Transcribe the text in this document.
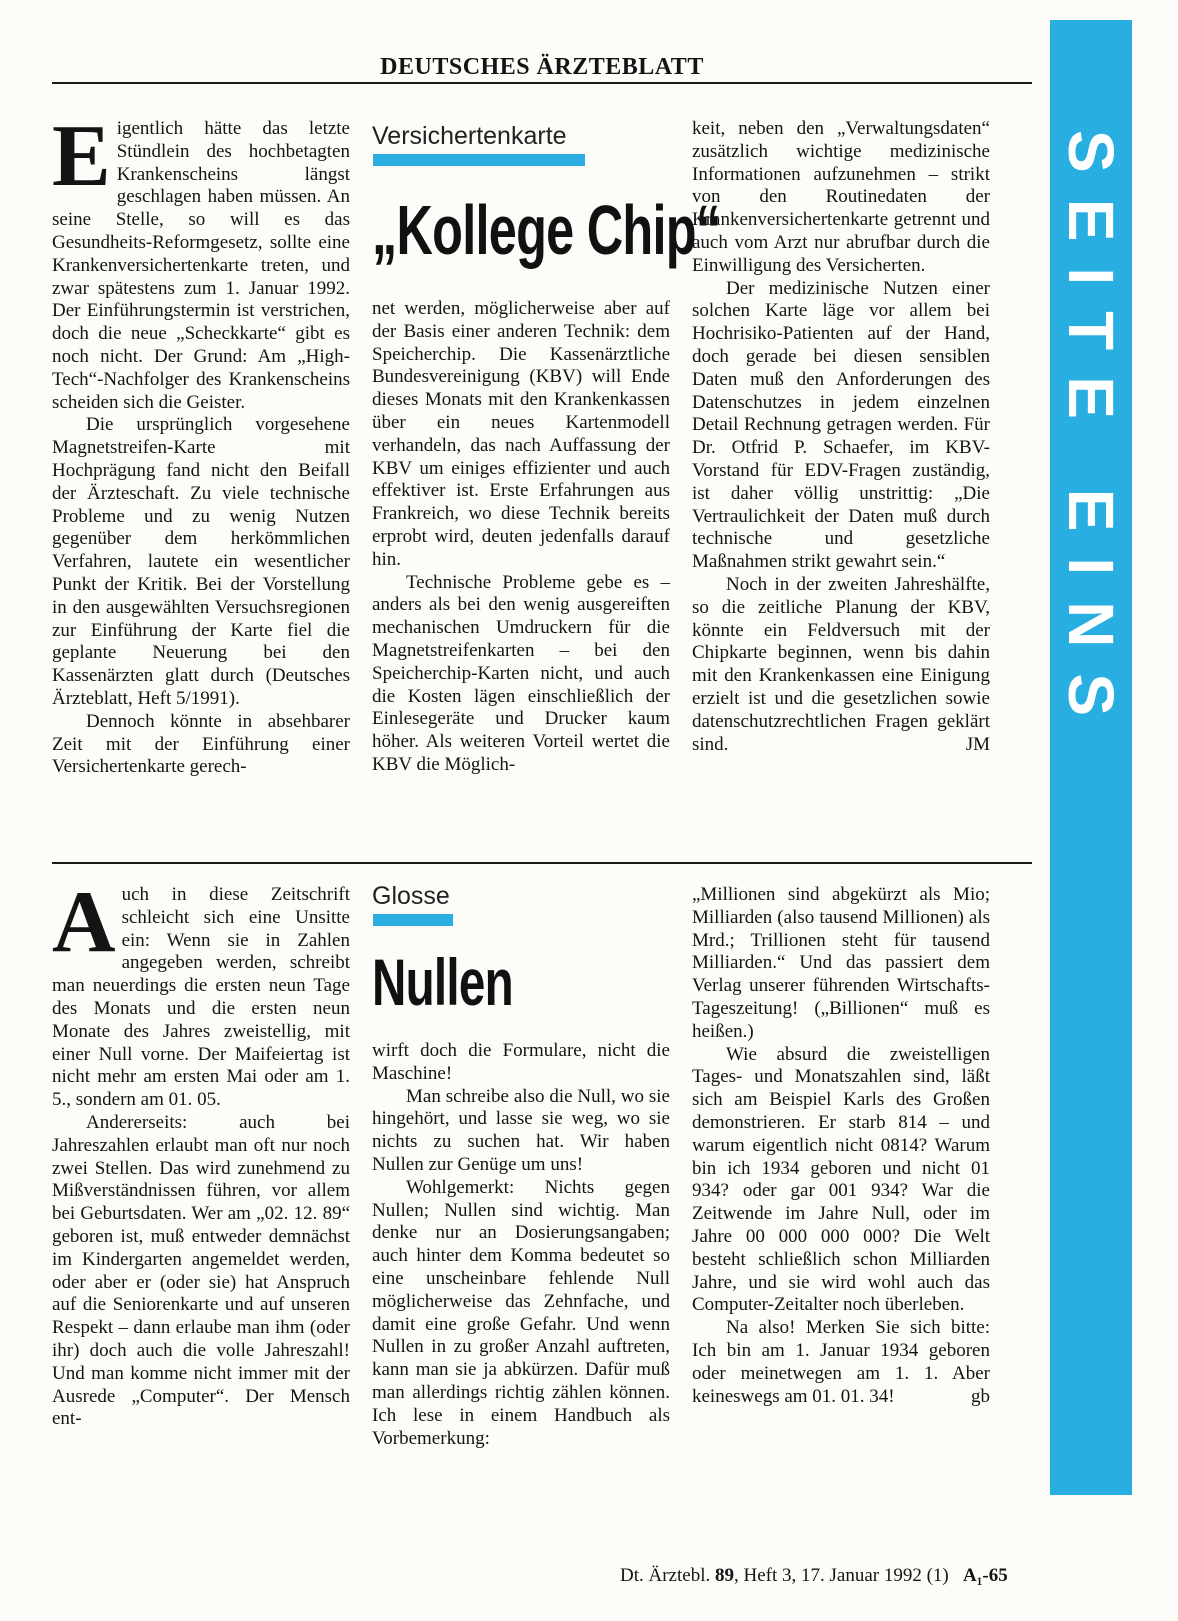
DEUTSCHES ÄRZTEBLATT
SEITE EINS
E igentlich hätte das letzte Stündlein des hochbetagten Krankenscheins längst geschlagen haben müssen. An seine Stelle, so will es das Gesundheits-Reformgesetz, sollte eine Krankenversichertenkarte treten, und zwar spätestens zum 1. Januar 1992. Der Einführungstermin ist verstrichen, doch die neue „Scheckkarte“ gibt es noch nicht. Der Grund: Am „High-Tech“-Nachfolger des Krankenscheins scheiden sich die Geister.

Die ursprünglich vorgesehene Magnetstreifen-Karte mit Hochprägung fand nicht den Beifall der Ärzteschaft. Zu viele technische Probleme und zu wenig Nutzen gegenüber dem herkömmlichen Verfahren, lautete ein wesentlicher Punkt der Kritik. Bei der Vorstellung in den ausgewählten Versuchsregionen zur Einführung der Karte fiel die geplante Neuerung bei den Kassenärzten glatt durch (Deutsches Ärzteblatt, Heft 5/1991).

Dennoch könnte in absehbarer Zeit mit der Einführung einer Versichertenkarte gerech-

Versichertenkarte
„Kollege Chip“

net werden, möglicherweise aber auf der Basis einer anderen Technik: dem Speicherchip. Die Kassenärztliche Bundesvereinigung (KBV) will Ende dieses Monats mit den Krankenkassen über ein neues Kartenmodell verhandeln, das nach Auffassung der KBV um einiges effizienter und auch effektiver ist. Erste Erfahrungen aus Frankreich, wo diese Technik bereits erprobt wird, deuten jedenfalls darauf hin.

Technische Probleme gebe es – anders als bei den wenig ausgereiften mechanischen Umdruckern für die Magnetstreifenkarten – bei den Speicherchip-Karten nicht, und auch die Kosten lägen einschließlich der Einlesegeräte und Drucker kaum höher. Als weiteren Vorteil wertet die KBV die Möglich-

keit, neben den „Verwaltungsdaten“ zusätzlich wichtige medizinische Informationen aufzunehmen – strikt von den Routinedaten der Krankenversichertenkarte getrennt und auch vom Arzt nur abrufbar durch die Einwilligung des Versicherten.

Der medizinische Nutzen einer solchen Karte läge vor allem bei Hochrisiko-Patienten auf der Hand, doch gerade bei diesen sensiblen Daten muß den Anforderungen des Datenschutzes in jedem einzelnen Detail Rechnung getragen werden. Für Dr. Otfrid P. Schaefer, im KBV-Vorstand für EDV-Fragen zuständig, ist daher völlig unstrittig: „Die Vertraulichkeit der Daten muß durch technische und gesetzliche Maßnahmen strikt gewahrt sein.“

Noch in der zweiten Jahreshälfte, so die zeitliche Planung der KBV, könnte ein Feldversuch mit der Chipkarte beginnen, wenn bis dahin mit den Krankenkassen eine Einigung erzielt ist und die gesetzlichen sowie datenschutzrechtlichen Fragen geklärt sind.	JM

A uch in diese Zeitschrift schleicht sich eine Unsitte ein: Wenn sie in Zahlen angegeben werden, schreibt man neuerdings die ersten neun Tage des Monats und die ersten neun Monate des Jahres zweistellig, mit einer Null vorne. Der Maifeiertag ist nicht mehr am ersten Mai oder am 1. 5., sondern am 01. 05.

Andererseits: auch bei Jahreszahlen erlaubt man oft nur noch zwei Stellen. Das wird zunehmend zu Mißverständnissen führen, vor allem bei Geburtsdaten. Wer am „02. 12. 89“ geboren ist, muß entweder demnächst im Kindergarten angemeldet werden, oder aber er (oder sie) hat Anspruch auf die Seniorenkarte und auf unseren Respekt – dann erlaube man ihm (oder ihr) doch auch die volle Jahreszahl! Und man komme nicht immer mit der Ausrede „Computer“. Der Mensch ent-

Glosse
Nullen

wirft doch die Formulare, nicht die Maschine!

Man schreibe also die Null, wo sie hingehört, und lasse sie weg, wo sie nichts zu suchen hat. Wir haben Nullen zur Genüge um uns!

Wohlgemerkt: Nichts gegen Nullen; Nullen sind wichtig. Man denke nur an Dosierungsangaben; auch hinter dem Komma bedeutet so eine unscheinbare fehlende Null möglicherweise das Zehnfache, und damit eine große Gefahr. Und wenn Nullen in zu großer Anzahl auftreten, kann man sie ja abkürzen. Dafür muß man allerdings richtig zählen können. Ich lese in einem Handbuch als Vorbemerkung:

„Millionen sind abgekürzt als Mio; Milliarden (also tausend Millionen) als Mrd.; Trillionen steht für tausend Milliarden.“ Und das passiert dem Verlag unserer führenden Wirtschafts-Tageszeitung! („Billionen“ muß es heißen.)

Wie absurd die zweistelligen Tages- und Monatszahlen sind, läßt sich am Beispiel Karls des Großen demonstrieren. Er starb 814 – und warum eigentlich nicht 0814? Warum bin ich 1934 geboren und nicht 01 934? oder gar 001 934? War die Zeitwende im Jahre Null, oder im Jahre 00 000 000 000? Die Welt besteht schließlich schon Milliarden Jahre, und sie wird wohl auch das Computer-Zeitalter noch überleben.

Na also! Merken Sie sich bitte: Ich bin am 1. Januar 1934 geboren oder meinetwegen am 1. 1. Aber keineswegs am 01. 01. 34!	gb

Dt. Ärztebl. 89, Heft 3, 17. Januar 1992 (1) A₁-65
